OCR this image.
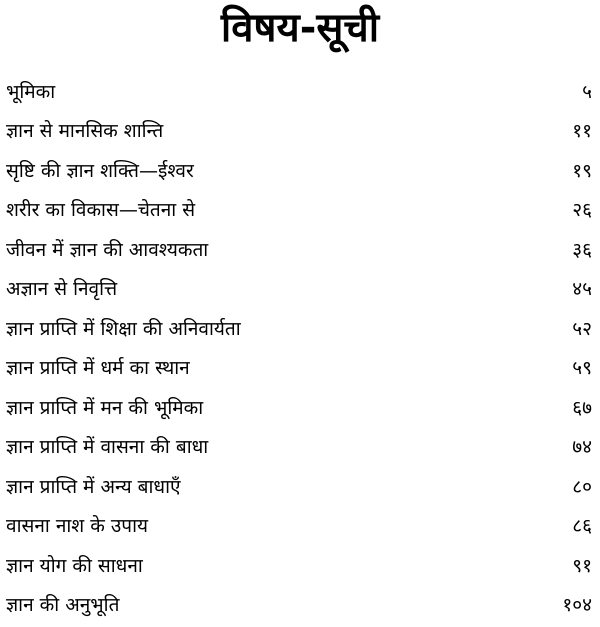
विषय-सूची
भूमिका	५
ज्ञान से मानसिक शान्ति	११
सृष्टि की ज्ञान शक्ति—ईश्वर	१९
शरीर का विकास—चेतना से	२६
जीवन में ज्ञान की आवश्यकता	३६
अज्ञान से निवृत्ति	४५
ज्ञान प्राप्ति में शिक्षा की अनिवार्यता	५२
ज्ञान प्राप्ति में धर्म का स्थान	५९
ज्ञान प्राप्ति में मन की भूमिका	६७
ज्ञान प्राप्ति में वासना की बाधा	७४
ज्ञान प्राप्ति में अन्य बाधाएँ	८०
वासना नाश के उपाय	८६
ज्ञान योग की साधना	९१
ज्ञान की अनुभूति	१०४
